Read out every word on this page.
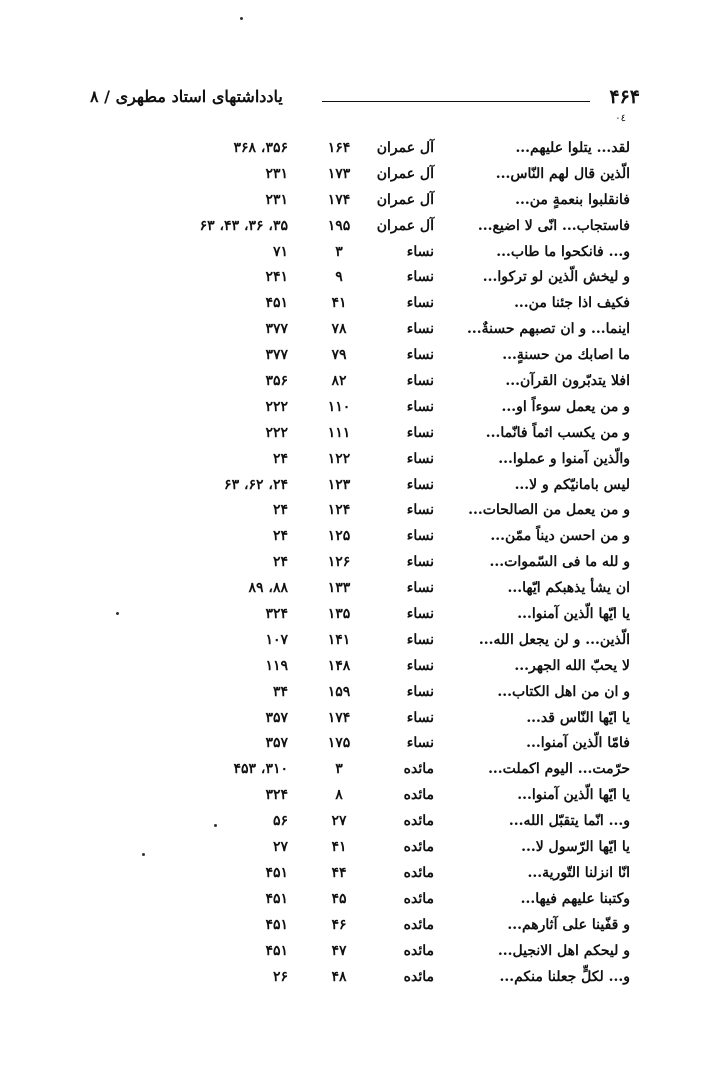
۴۶۴
یادداشتهای استاد مطهری / ۸
۰٤
لقد... يتلوا عليهم...
آل عمران
۱۶۴
۳۵۶، ۳۶۸
الّذين قال لهم النّاس...
آل عمران
۱۷۳
۲۳۱
فانقلبوا بنعمةٍ من...
آل عمران
۱۷۴
۲۳۱
فاستجاب... انّى لا اضيع...
آل عمران
۱۹۵
۳۵، ۳۶، ۴۳، ۶۳
و... فانكحوا ما طاب...
نساء
۳
۷۱
و ليخش الّذين لو تركوا...
نساء
۹
۲۴۱
فكيف اذا جئنا من...
نساء
۴۱
۴۵۱
اينما... و ان تصبهم حسنةٌ...
نساء
۷۸
۳۷۷
ما اصابك من حسنةٍ...
نساء
۷۹
۳۷۷
افلا يتدبّرون القرآن...
نساء
۸۲
۳۵۶
و من يعمل سوءاً او...
نساء
۱۱۰
۲۲۲
و من يكسب اثماً فانّما...
نساء
۱۱۱
۲۲۲
والّذين آمنوا و عملوا...
نساء
۱۲۲
۲۴
ليس بامانيّكم و لا...
نساء
۱۲۳
۲۴، ۶۲، ۶۳
و من يعمل من الصالحات...
نساء
۱۲۴
۲۴
و من احسن ديناً ممّن...
نساء
۱۲۵
۲۴
و لله ما فى السّموات...
نساء
۱۲۶
۲۴
ان يشأ يذهبكم ايّها...
نساء
۱۳۳
۸۸، ۸۹
يا ايّها الّذين آمنوا...
نساء
۱۳۵
۳۲۴
الّذين... و لن يجعل الله...
نساء
۱۴۱
۱۰۷
لا يحبّ الله الجهر...
نساء
۱۴۸
۱۱۹
و ان من اهل الكتاب...
نساء
۱۵۹
۳۴
يا ايّها النّاس قد...
نساء
۱۷۴
۳۵۷
فامّا الّذين آمنوا...
نساء
۱۷۵
۳۵۷
حرّمت... اليوم اكملت...
مائده
۳
۳۱۰، ۴۵۳
يا ايّها الّذين آمنوا...
مائده
۸
۳۲۴
و... انّما يتقبّل الله...
مائده
۲۷
۵۶
يا ايّها الرّسول لا...
مائده
۴۱
۲۷
انّا انزلنا التّورية...
مائده
۴۴
۴۵۱
وكتبنا عليهم فيها...
مائده
۴۵
۴۵۱
و قفّينا على آثارهم...
مائده
۴۶
۴۵۱
و ليحكم اهل الانجيل...
مائده
۴۷
۴۵۱
و... لكلٍّ جعلنا منكم...
مائده
۴۸
۲۶
